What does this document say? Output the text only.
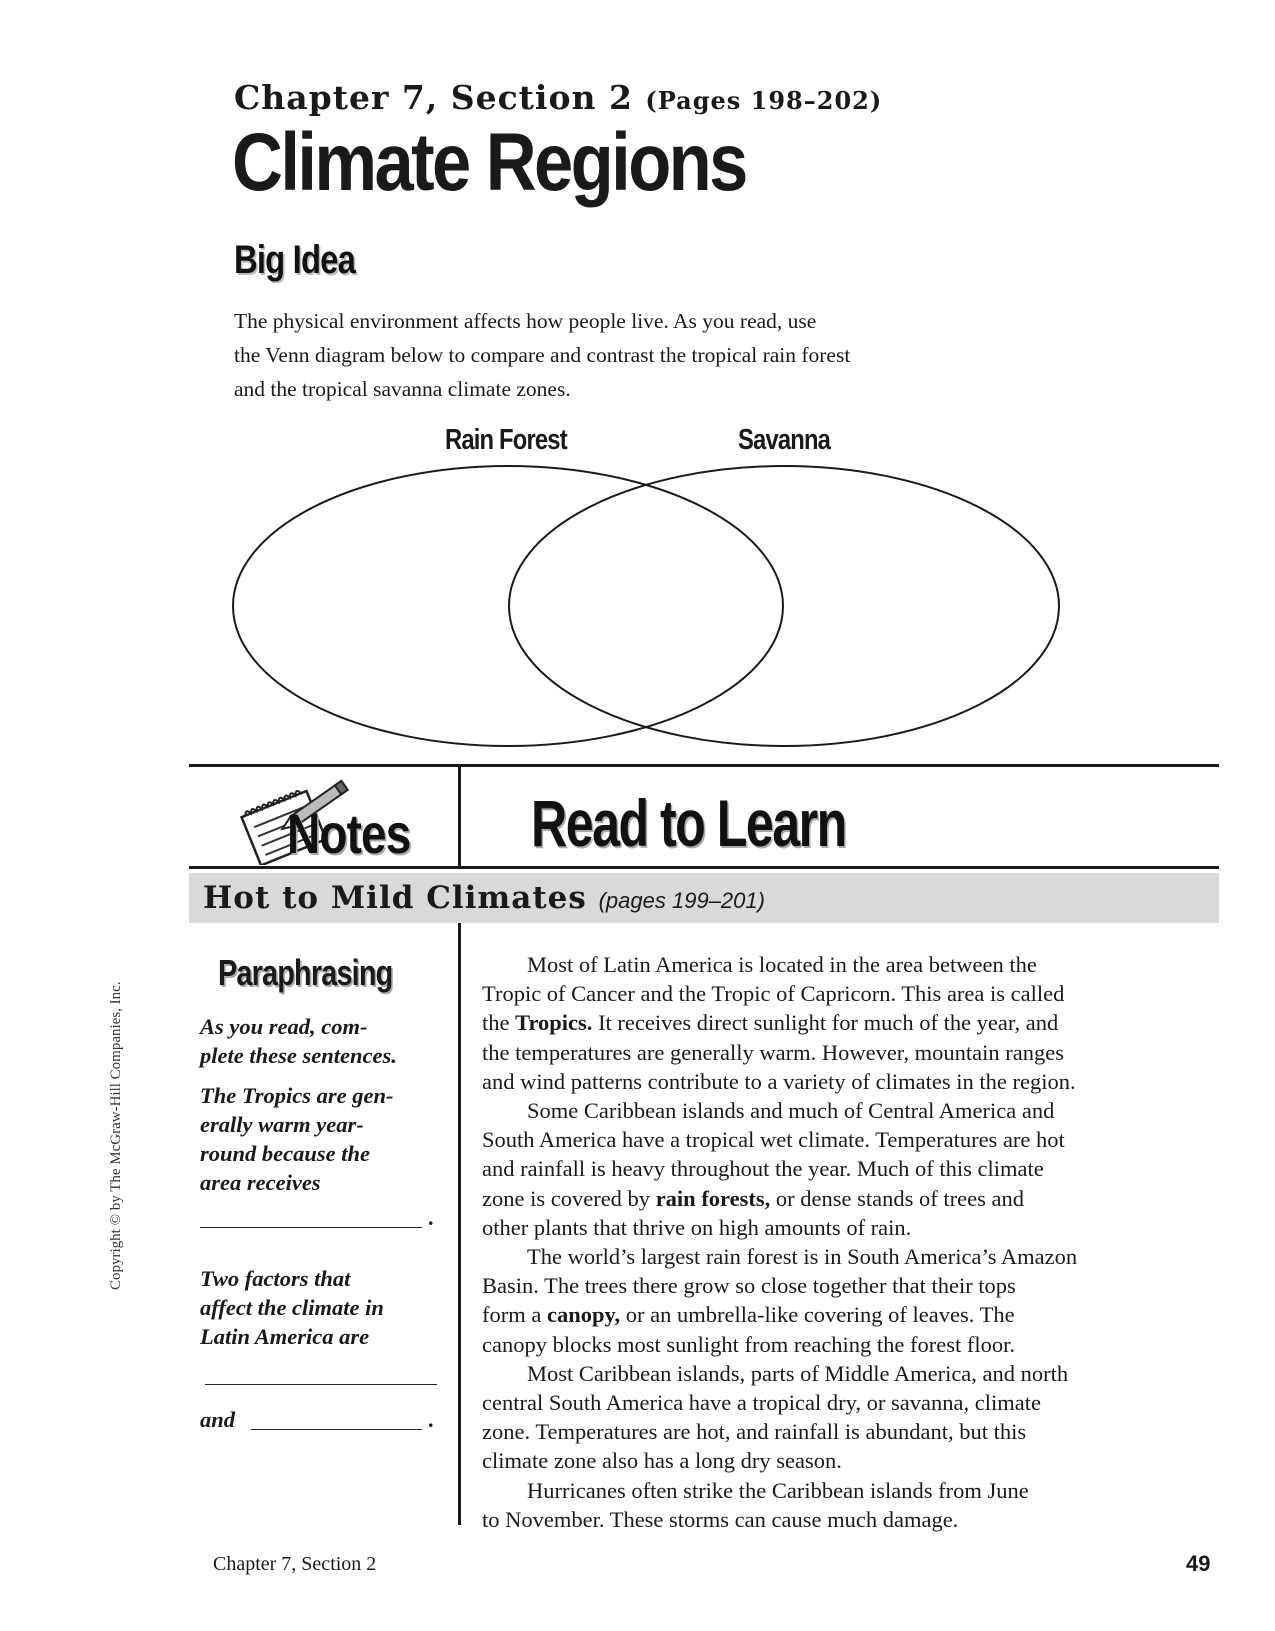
Chapter 7, Section 2 (Pages 198–202)
Climate Regions
Big Idea

The physical environment affects how people live. As you read, use

the Venn diagram below to compare and contrast the tropical rain forest

and the tropical savanna climate zones.

Rain Forest	Savanna
Notes Read to Learn
Hot to Mild Climates (pages 199–201)
Paraphrasing

As you read, com-

plete these sentences.

The Tropics are gen-

erally warm year-

round because the

area receives

.

Two factors that

affect the climate in

Latin America are

and	.

Most of Latin America is located in the area between the
Tropic of Cancer and the Tropic of Capricorn. This area is called
the Tropics. It receives direct sunlight for much of the year, and
the temperatures are generally warm. However, mountain ranges
and wind patterns contribute to a variety of climates in the region.

Some Caribbean islands and much of Central America and
South America have a tropical wet climate. Temperatures are hot
and rainfall is heavy throughout the year. Much of this climate
zone is covered by rain forests, or dense stands of trees and
other plants that thrive on high amounts of rain.

The world’s largest rain forest is in South America’s Amazon
Basin. The trees there grow so close together that their tops
form a canopy, or an umbrella-like covering of leaves. The
canopy blocks most sunlight from reaching the forest floor.

Most Caribbean islands, parts of Middle America, and north
central South America have a tropical dry, or savanna, climate
zone. Temperatures are hot, and rainfall is abundant, but this
climate zone also has a long dry season.

Hurricanes often strike the Caribbean islands from June
to November. These storms can cause much damage.

Copyright © by The McGraw-Hill Companies, Inc.
Chapter 7, Section 2	49
